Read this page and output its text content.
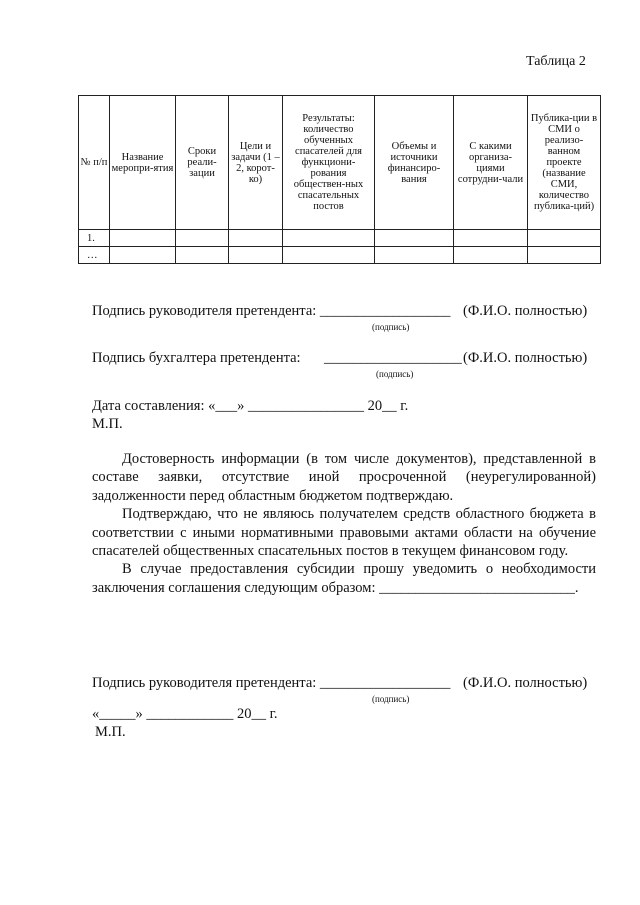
Таблица 2
№ п/п	Название меропри-ятия	Сроки реали-зации	Цели и задачи (1 – 2, корот-ко)	Результаты: количество обученных спасателей для функциони-рования обществен-ных спасательных постов	Объемы и источники финансиро-вания	С какими организа-циями сотрудни-чали	Публика-ции в СМИ о реализо-ванном проекте (название СМИ, количество публика-ций)
1.							
…							
Подпись руководителя претендента: __________________ (Ф.И.О. полностью)
(подпись)
Подпись бухгалтера претендента: ___________________ (Ф.И.О. полностью)
(подпись)
Дата составления: «___» ________________ 20__ г.
М.П.

Достоверность информации (в том числе документов), представленной в составе заявки, отсутствие иной просроченной (неурегулированной) задолженности перед областным бюджетом подтверждаю.

Подтверждаю, что не являюсь получателем средств областного бюджета в соответствии с иными нормативными правовыми актами области на обучение спасателей общественных спасательных постов в текущем финансовом году.

В случае предоставления субсидии прошу уведомить о необходимости заключения соглашения следующим образом: ___________________________.

Подпись руководителя претендента: __________________ (Ф.И.О. полностью)
(подпись)
«_____» ____________ 20__ г.
М.П.
